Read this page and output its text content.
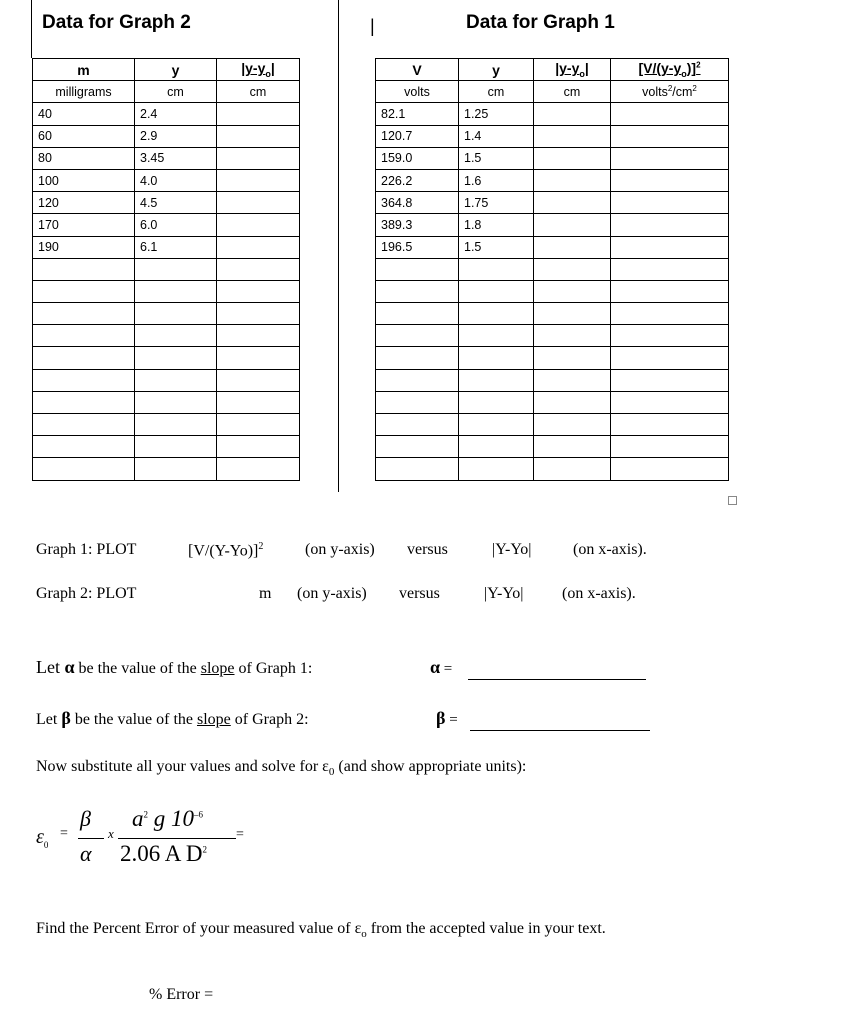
Data for Graph 2	Data for Graph 1
|
m	y	$|y-y_o|$
milligrams	cm	cm
40	2.4	
60	2.9	
80	3.45	
100	4.0	
120	4.5	
170	6.0	
190	6.1	

V	y	$|y-y_o|$	$[V/(y-y_o)]^2$
volts	cm	cm	$volts^2/cm^2$
82.1	1.25		
120.7	1.4		
159.0	1.5		
226.2	1.6		
364.8	1.75		
389.3	1.8		
196.5	1.5		

Graph 1: PLOT	$[V/(Y-Yo)]^2$	(on y-axis) versus	|Y-Yo|	(on x-axis).
Graph 2: PLOT	m (on y-axis) versus	|Y-Yo| (on x-axis).
Let α be the value of the slope of Graph 1:	α =
Let β be the value of the slope of Graph 2:	β =
Now substitute all your values and solve for $\varepsilon_0$ (and show appropriate units):
$\varepsilon_0$
=
β
α
x
$a^2$ g $10^{-6}$
2.06 A $D^2$
=
Find the Percent Error of your measured value of $\varepsilon_o$ from the accepted value in your text.
% Error =
